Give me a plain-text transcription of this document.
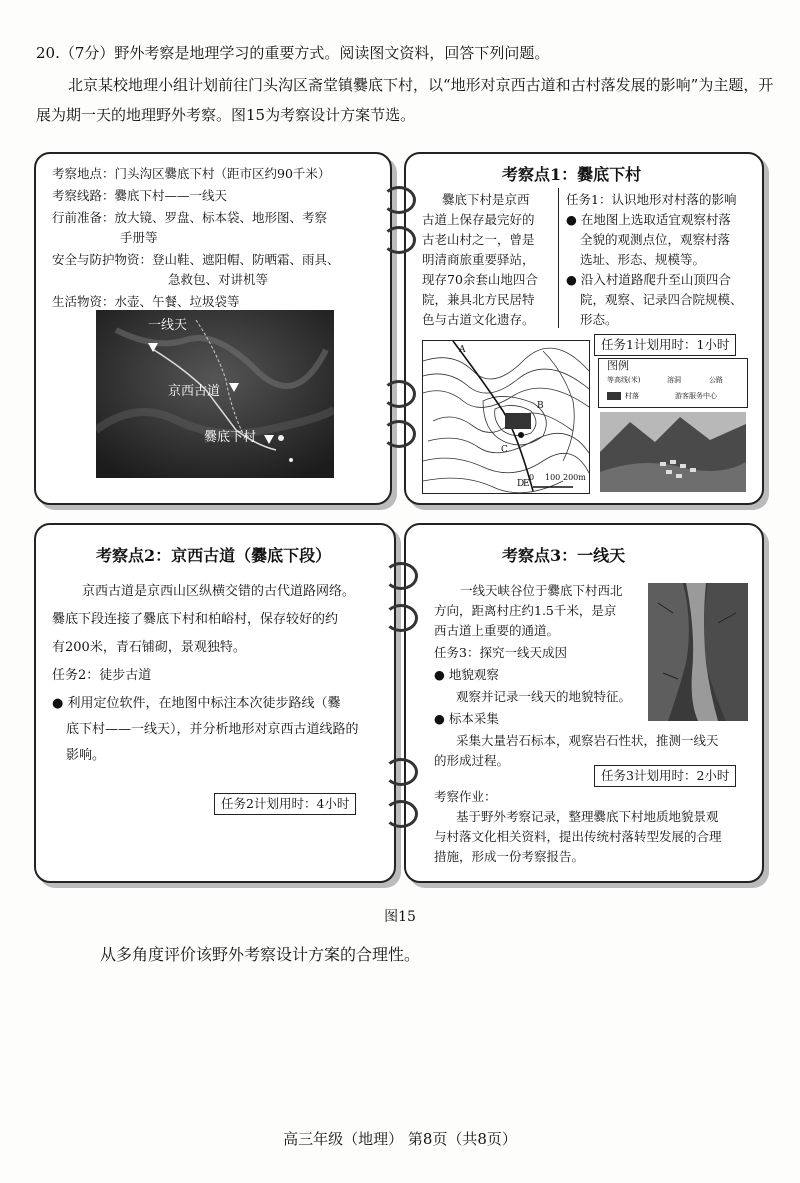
20.（7分）野外考察是地理学习的重要方式。阅读图文资料，回答下列问题。
北京某校地理小组计划前往门头沟区斋堂镇爨底下村，以“地形对京西古道和古村落发展的影响”为主题，开展为期一天的地理野外考察。图15为考察设计方案节选。
考察地点：门头沟区爨底下村（距市区约90千米）
考察线路：爨底下村——一线天
行前准备：放大镜、罗盘、标本袋、地形图、考察
手册等
安全与防护物资：登山鞋、遮阳帽、防晒霜、雨具、
急救包、对讲机等
生活物资：水壶、午餐、垃圾袋等
一线天
京西古道
爨底下村
考察点1：爨底下村
爨底下村是京西
古道上保存最完好的
古老山村之一，曾是
明清商旅重要驿站，
现存70余套山地四合
院，兼具北方民居特
色与古道文化遗存。
任务1：认识地形对村落的影响
● 在地图上选取适宜观察村落
全貌的观测点位，观察村落
选址、形态、规模等。
● 沿入村道路爬升至山顶四合
院，观察、记录四合院规模、
形态。
任务1计划用时：1小时
A
B
C
D
E
0 100 200m
图例
等高线(米)	溶洞	公路
村落	游客服务中心
考察点2：京西古道（爨底下段）
京西古道是京西山区纵横交错的古代道路网络。
爨底下段连接了爨底下村和柏峪村，保存较好的约
有200米，青石铺砌，景观独特。
任务2：徒步古道
● 利用定位软件，在地图中标注本次徒步路线（爨
底下村——一线天），并分析地形对京西古道线路的
影响。
任务2计划用时：4小时
考察点3：一线天
一线天峡谷位于爨底下村西北
方向，距离村庄约1.5千米，是京
西古道上重要的通道。
任务3：探究一线天成因
● 地貌观察
观察并记录一线天的地貌特征。
● 标本采集
采集大量岩石标本，观察岩石性状，推测一线天
的形成过程。
任务3计划用时：2小时
考察作业：
基于野外考察记录，整理爨底下村地质地貌景观
与村落文化相关资料，提出传统村落转型发展的合理
措施，形成一份考察报告。
图15
从多角度评价该野外考察设计方案的合理性。
高三年级（地理） 第8页（共8页）
